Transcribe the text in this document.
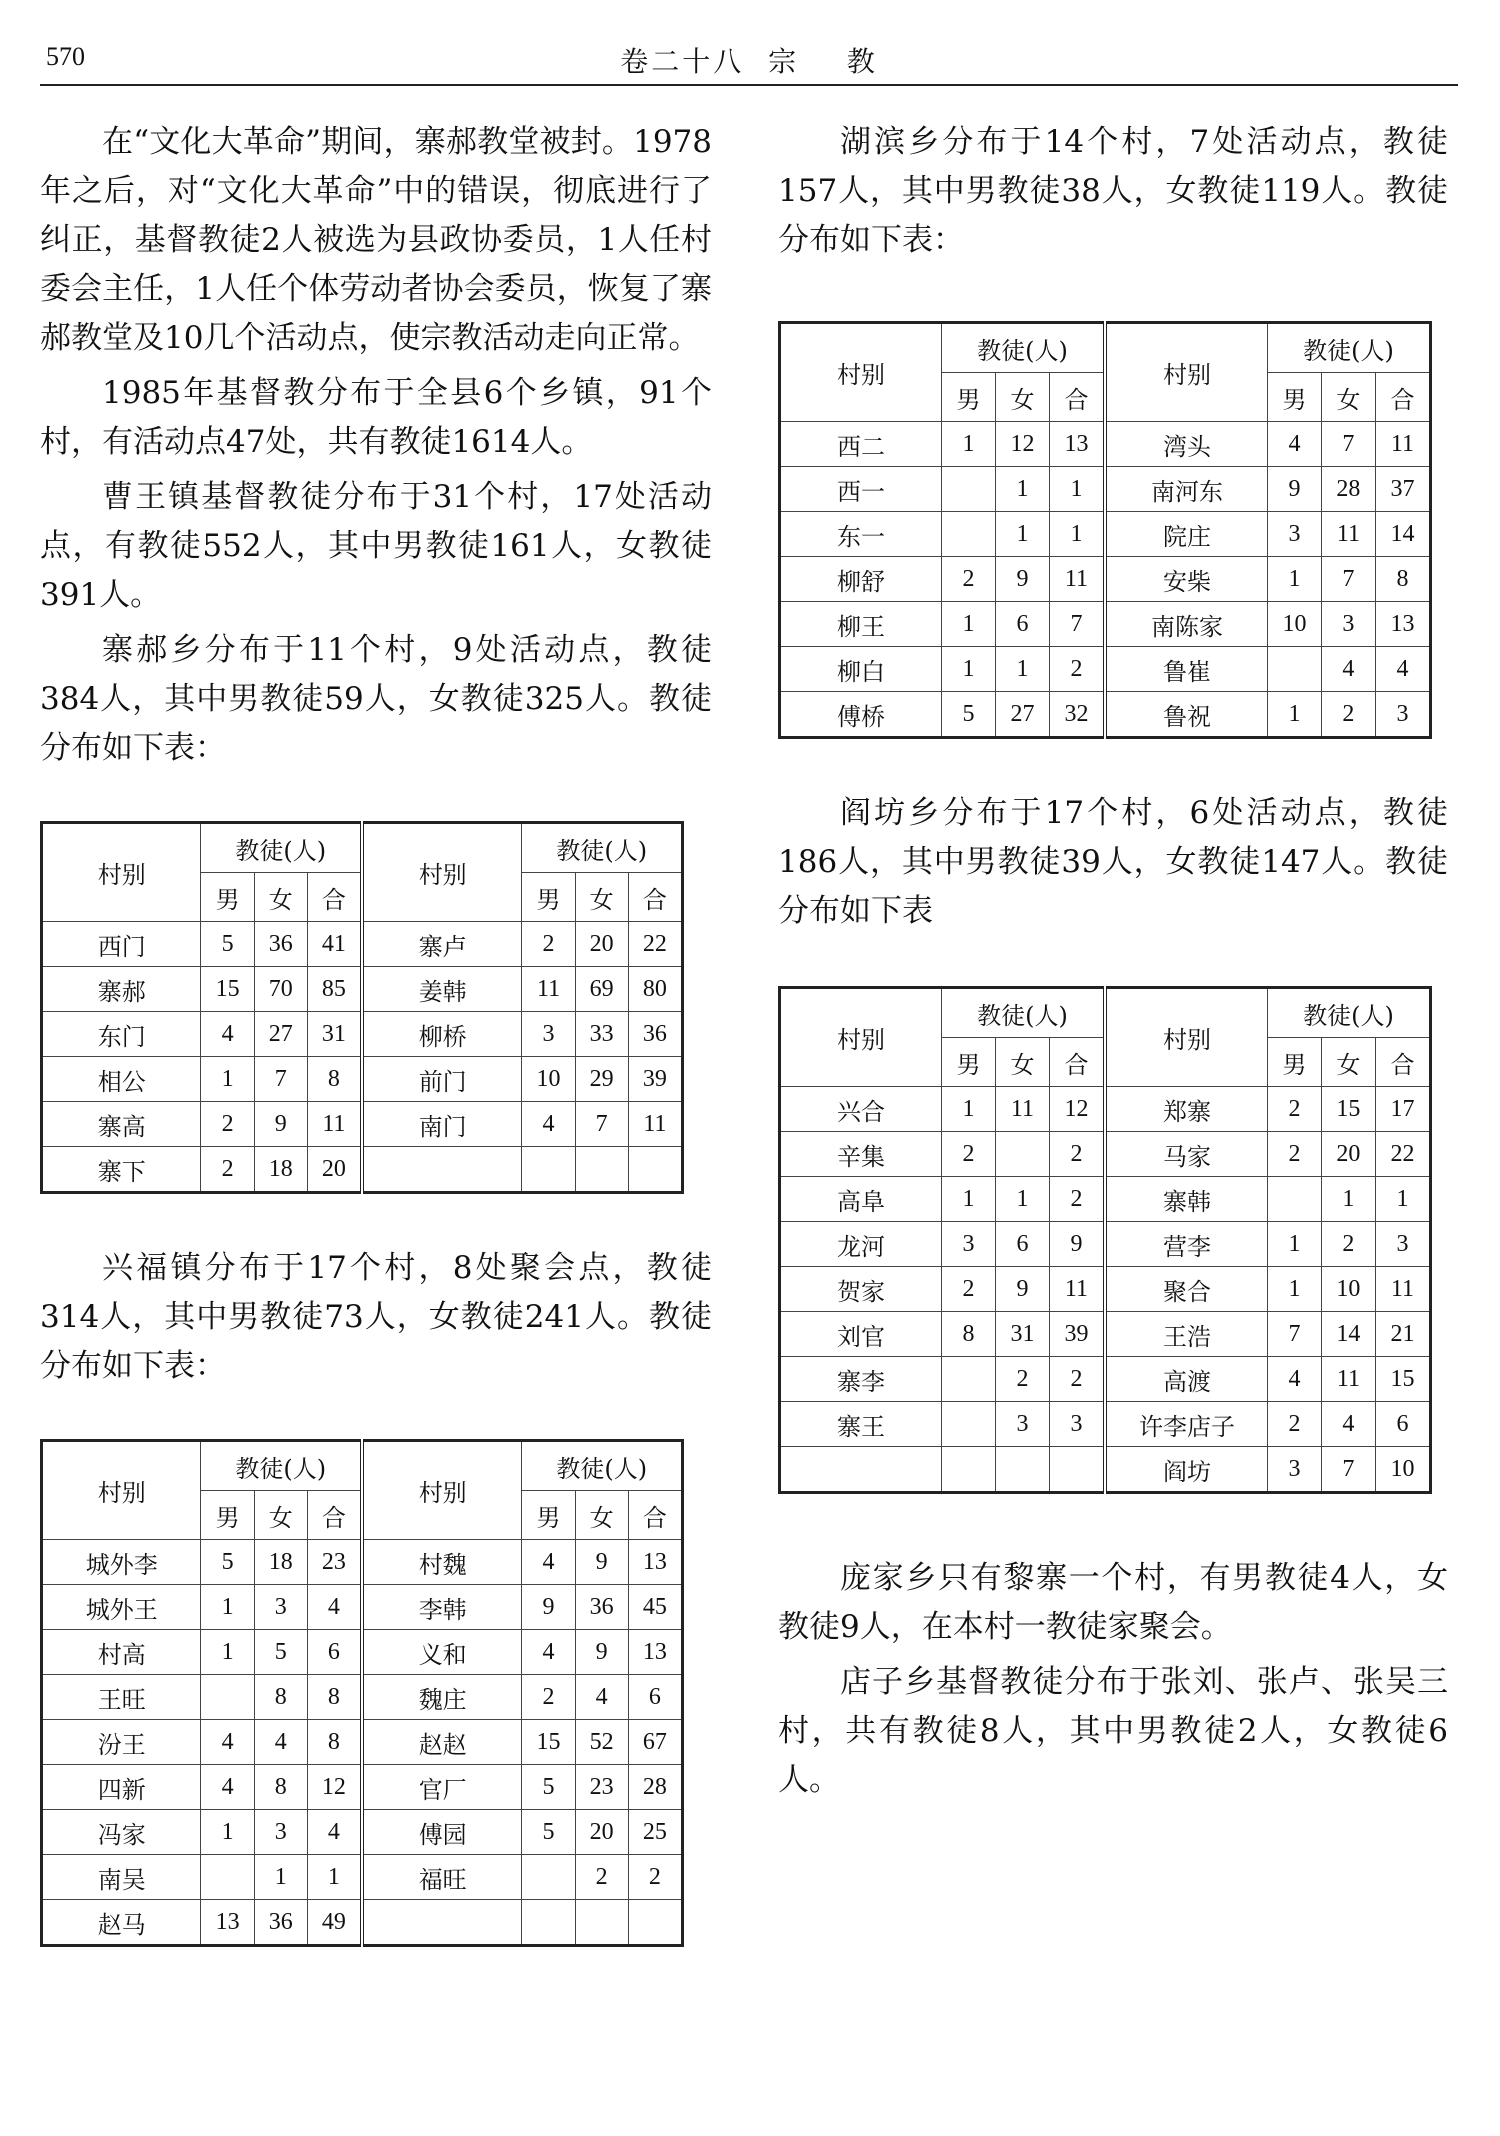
570	卷二十八  宗    教

在“文化大革命”期间，寨郝教堂被封。1978年之后，对“文化大革命”中的错误，彻底进行了纠正，基督教徒2人被选为县政协委员，1人任村委会主任，1人任个体劳动者协会委员，恢复了寨郝教堂及10几个活动点，使宗教活动走向正常。

1985年基督教分布于全县6个乡镇，91个村，有活动点47处，共有教徒1614人。

曹王镇基督教徒分布于31个村，17处活动点，有教徒552人，其中男教徒161人，女教徒391人。

寨郝乡分布于11个村，9处活动点，教徒384人，其中男教徒59人，女教徒325人。教徒分布如下表：

村别	教徒(人)			村别	教徒(人)		
	男	女	合		男	女	合
西门	5	36	41	寨卢	2	20	22
寨郝	15	70	85	姜韩	11	69	80
东门	4	27	31	柳桥	3	33	36
相公	1	7	8	前门	10	29	39
寨高	2	9	11	南门	4	7	11
寨下	2	18	20				

兴福镇分布于17个村，8处聚会点，教徒314人，其中男教徒73人，女教徒241人。教徒分布如下表：

村别	教徒(人)			村别	教徒(人)		
	男	女	合		男	女	合
城外李	5	18	23	村魏	4	9	13
城外王	1	3	4	李韩	9	36	45
村高	1	5	6	义和	4	9	13
王旺		8	8	魏庄	2	4	6
汾王	4	4	8	赵赵	15	52	67
四新	4	8	12	官厂	5	23	28
冯家	1	3	4	傅园	5	20	25
南吴		1	1	福旺		2	2
赵马	13	36	49				

湖滨乡分布于14个村，7处活动点，教徒157人，其中男教徒38人，女教徒119人。教徒分布如下表：

村别	教徒(人)			村别	教徒(人)		
	男	女	合		男	女	合
西二	1	12	13	湾头	4	7	11
西一		1	1	南河东	9	28	37
东一		1	1	院庄	3	11	14
柳舒	2	9	11	安柴	1	7	8
柳王	1	6	7	南陈家	10	3	13
柳白	1	1	2	鲁崔		4	4
傅桥	5	27	32	鲁祝	1	2	3

阎坊乡分布于17个村，6处活动点，教徒186人，其中男教徒39人，女教徒147人。教徒分布如下表

村别	教徒(人)			村别	教徒(人)		
	男	女	合		男	女	合
兴合	1	11	12	郑寨	2	15	17
辛集	2		2	马家	2	20	22
高阜	1	1	2	寨韩		1	1
龙河	3	6	9	营李	1	2	3
贺家	2	9	11	聚合	1	10	11
刘官	8	31	39	王浩	7	14	21
寨李		2	2	高渡	4	11	15
寨王		3	3	许李店子	2	4	6
				阎坊	3	7	10

庞家乡只有黎寨一个村，有男教徒4人，女教徒9人，在本村一教徒家聚会。

店子乡基督教徒分布于张刘、张卢、张吴三村，共有教徒8人，其中男教徒2人，女教徒6人。
